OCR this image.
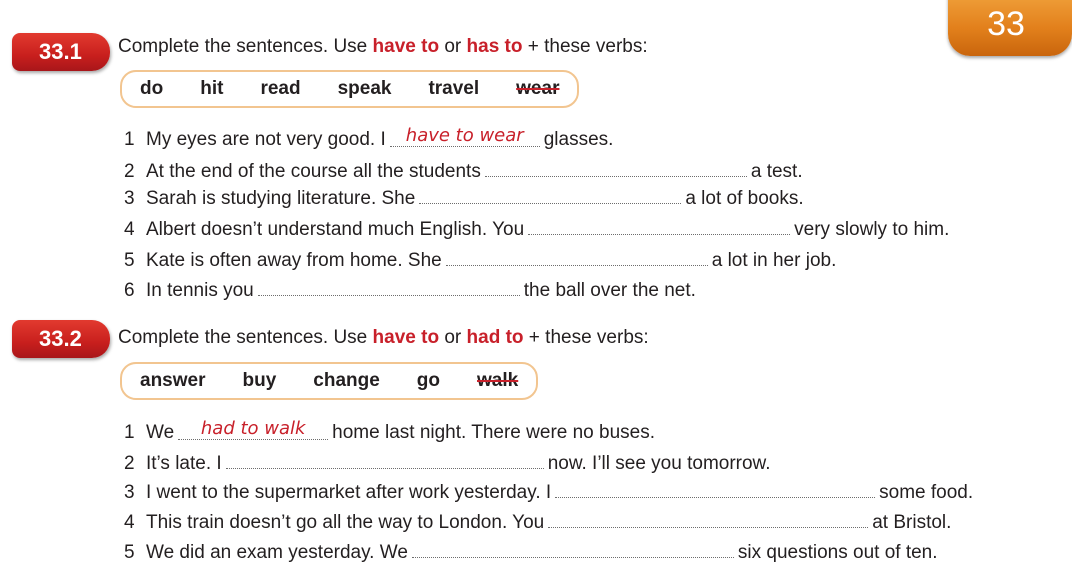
33
33.1	Complete the sentences. Use have to or has to + these verbs:
do hit read speak travel wear
1 My eyes are not very good. I have to wear glasses.
2 At the end of the course all the students	a test.
3 Sarah is studying literature. She	a lot of books.
4 Albert doesn’t understand much English. You	very slowly to him.
5 Kate is often away from home. She	a lot in her job.
6 In tennis you	the ball over the net.
33.2	Complete the sentences. Use have to or had to + these verbs:
answer buy change go walk
1 We had to walk home last night. There were no buses.
2 It’s late. I	now. I’ll see you tomorrow.
3 I went to the supermarket after work yesterday. I	some food.
4 This train doesn’t go all the way to London. You	at Bristol.
5 We did an exam yesterday. We	six questions out of ten.
